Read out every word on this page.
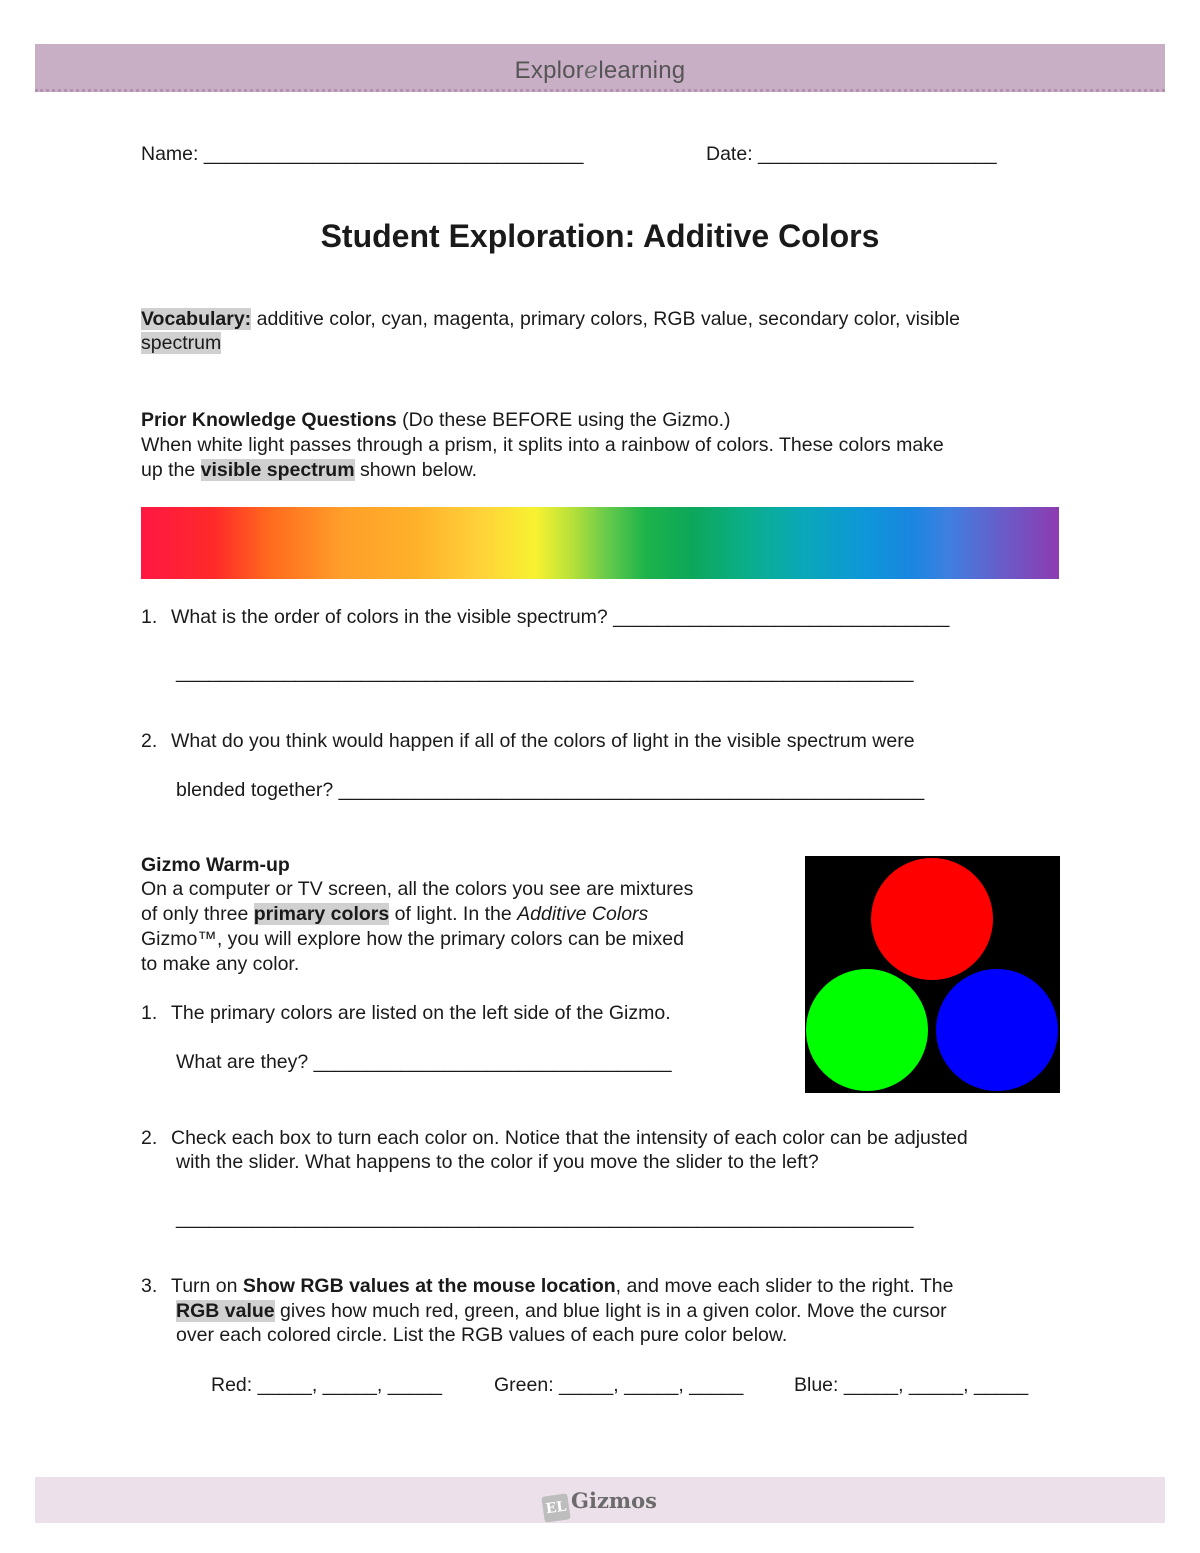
Explorelearning
Name: ___________________________________	Date: ______________________
Student Exploration: Additive Colors
Vocabulary: additive color, cyan, magenta, primary colors, RGB value, secondary color, visible
spectrum
Prior Knowledge Questions (Do these BEFORE using the Gizmo.)
When white light passes through a prism, it splits into a rainbow of colors. These colors make
up the visible spectrum shown below.
1. What is the order of colors in the visible spectrum? _______________________________
____________________________________________________________________
2. What do you think would happen if all of the colors of light in the visible spectrum were
blended together? ______________________________________________________
Gizmo Warm-up
On a computer or TV screen, all the colors you see are mixtures
of only three primary colors of light. In the Additive Colors
Gizmo™, you will explore how the primary colors can be mixed
to make any color.
1. The primary colors are listed on the left side of the Gizmo.
What are they? _________________________________
2. Check each box to turn each color on. Notice that the intensity of each color can be adjusted
with the slider. What happens to the color if you move the slider to the left?
____________________________________________________________________
3. Turn on Show RGB values at the mouse location, and move each slider to the right. The
RGB value gives how much red, green, and blue light is in a given color. Move the cursor
over each colored circle. List the RGB values of each pure color below.
Red: _____, _____, _____	Green: _____, _____, _____	Blue: _____, _____, _____
EL Gizmos
